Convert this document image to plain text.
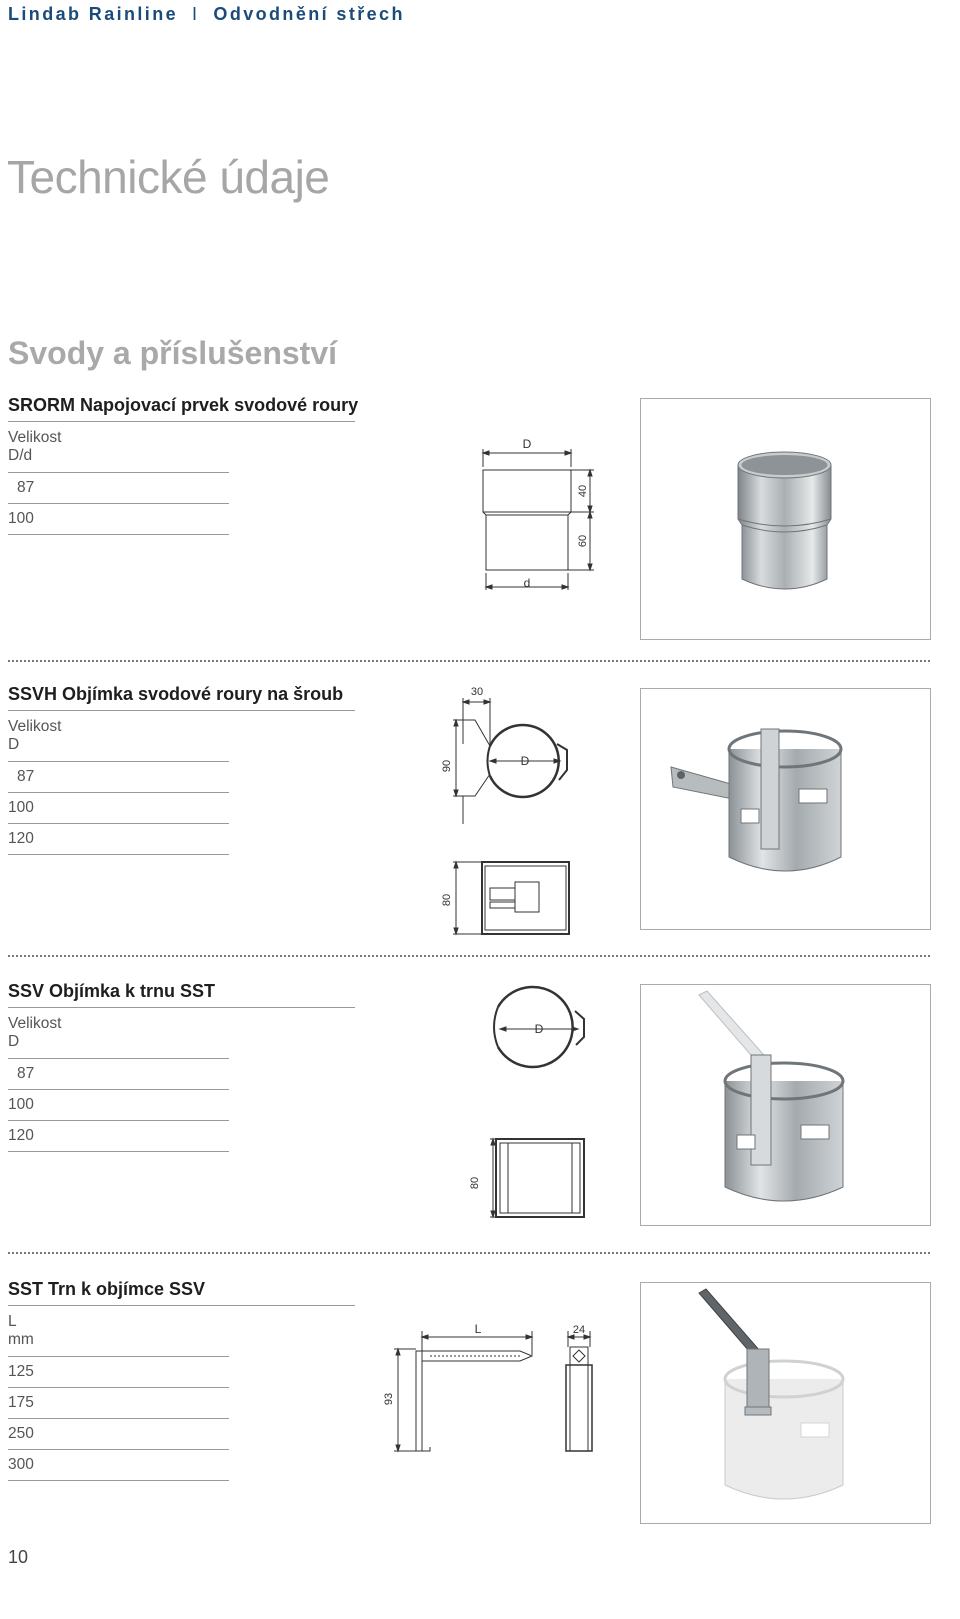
Lindab Rainline I Odvodnění střech
Technické údaje
Svody a příslušenství
SRORM Napojovací prvek svodové roury
Velikost
D/d
87
100
D
d
40
60
SSVH Objímka svodové roury na šroub
Velikost
D
87
100
120
30
90	D
80
SSV Objímka k trnu SST
Velikost
D
87
100
120
D
80
SST Trn k objímce SSV
L
mm
125
175
250
300
L	24
93
10
